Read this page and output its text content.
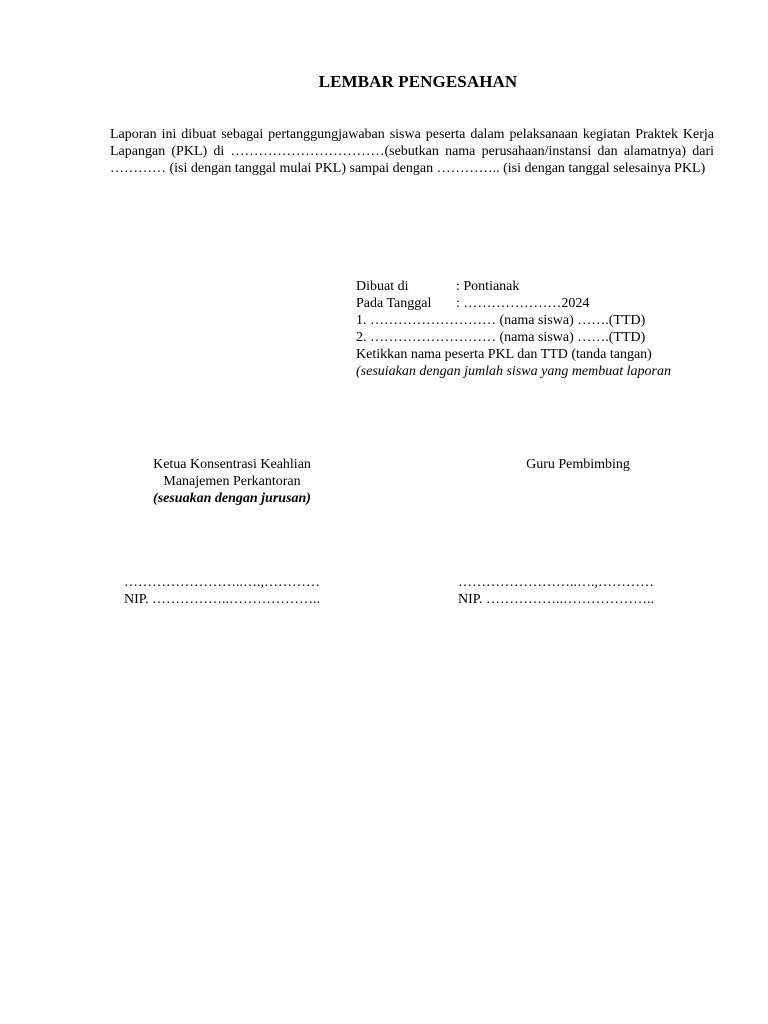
LEMBAR PENGESAHAN

Laporan ini dibuat sebagai pertanggungjawaban siswa peserta dalam pelaksanaan kegiatan Praktek Kerja Lapangan (PKL) di ……………………………(sebutkan nama perusahaan/instansi dan alamatnya) dari ………… (isi dengan tanggal mulai PKL) sampai dengan ………….. (isi dengan tanggal selesainya PKL)

Dibuat di	: Pontianak
Pada Tanggal	: …………………2024
1. ……………………… (nama siswa) …….(TTD)
2. ……………………… (nama siswa) …….(TTD)
Ketikkan nama peserta PKL dan TTD (tanda tangan)
(sesuiakan dengan jumlah siswa yang membuat laporan
Ketua Konsentrasi Keahlian
Manajemen Perkantoran
(sesuakan dengan jurusan)
Guru Pembimbing
……………………..….,…………
NIP. ……………..………………..
……………………..….,…………
NIP. ……………..………………..
